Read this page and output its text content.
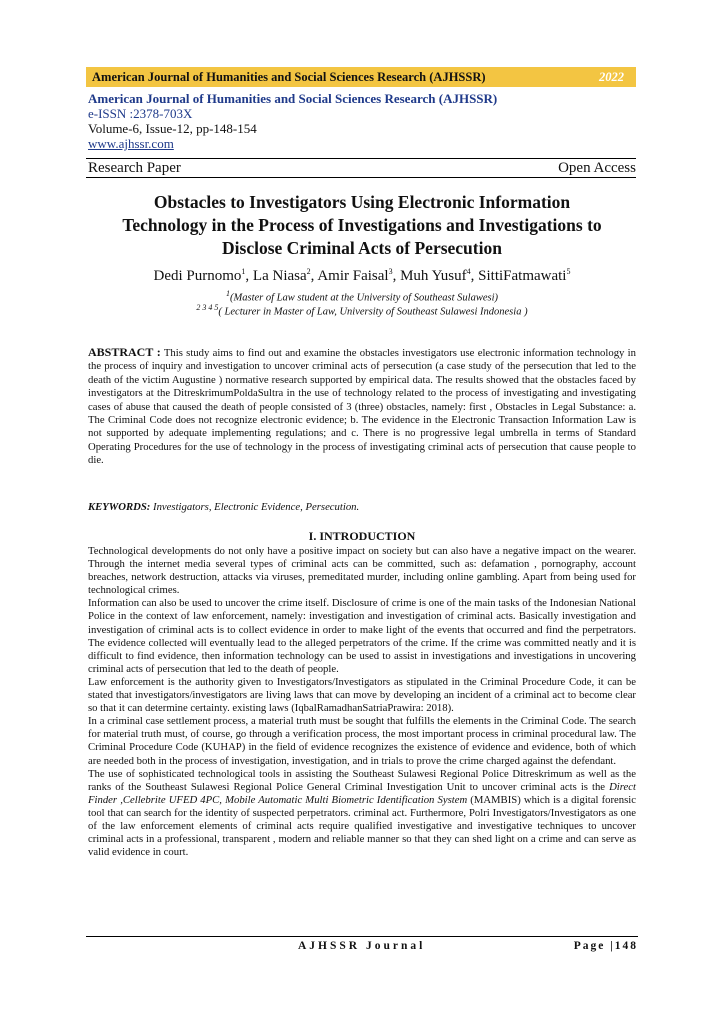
American Journal of Humanities and Social Sciences Research (AJHSSR)	2022
American Journal of Humanities and Social Sciences Research (AJHSSR)
e-ISSN :2378-703X
Volume-6, Issue-12, pp-148-154
www.ajhssr.com
Research Paper	Open Access
Obstacles to Investigators Using Electronic Information
Technology in the Process of Investigations and Investigations to
Disclose Criminal Acts of Persecution
Dedi Purnomo$^1$, La Niasa$^2$, Amir Faisal$^3$, Muh Yusuf$^4$, SittiFatmawati$^5$
$^1$(Master of Law student at the University of Southeast Sulawesi)
$^{2 3 4 5}$( Lecturer in Master of Law, University of Southeast Sulawesi Indonesia )

ABSTRACT : This study aims to find out and examine the obstacles investigators use electronic information technology in the process of inquiry and investigation to uncover criminal acts of persecution (a case study of the persecution that led to the death of the victim Augustine ) normative research supported by empirical data. The results showed that the obstacles faced by investigators at the DitreskrimumPoldaSultra in the use of technology related to the process of investigating and investigating cases of abuse that caused the death of people consisted of 3 (three) obstacles, namely: first , Obstacles in Legal Substance: a. The Criminal Code does not recognize electronic evidence; b. The evidence in the Electronic Transaction Information Law is not supported by adequate implementing regulations; and c. There is no progressive legal umbrella in terms of Standard Operating Procedures for the use of technology in the process of investigating criminal acts of persecution that cause people to die.

KEYWORDS: Investigators, Electronic Evidence, Persecution.

I. INTRODUCTION

Technological developments do not only have a positive impact on society but can also have a negative impact on the wearer. Through the internet media several types of criminal acts can be committed, such as: defamation , pornography, account breaches, network destruction, attacks via viruses, premeditated murder, including online gambling. Apart from being used for technological crimes.

Information can also be used to uncover the crime itself. Disclosure of crime is one of the main tasks of the Indonesian National Police in the context of law enforcement, namely: investigation and investigation of criminal acts. Basically investigation and investigation of criminal acts is to collect evidence in order to make light of the events that occurred and find the perpetrators. The evidence collected will eventually lead to the alleged perpetrators of the crime. If the crime was committed neatly and it is difficult to find evidence, then information technology can be used to assist in investigations and investigations in uncovering criminal acts of persecution that led to the death of people.

Law enforcement is the authority given to Investigators/Investigators as stipulated in the Criminal Procedure Code, it can be stated that investigators/investigators are living laws that can move by developing an incident of a criminal act to become clear so that it can determine certainty. existing laws (IqbalRamadhanSatriaPrawira: 2018).

In a criminal case settlement process, a material truth must be sought that fulfills the elements in the Criminal Code. The search for material truth must, of course, go through a verification process, the most important process in criminal procedural law. The Criminal Procedure Code (KUHAP) in the field of evidence recognizes the existence of evidence and evidence, both of which are needed both in the process of investigation, investigation, and in trials to prove the crime charged against the defendant.

The use of sophisticated technological tools in assisting the Southeast Sulawesi Regional Police Ditreskrimum as well as the ranks of the Southeast Sulawesi Regional Police General Criminal Investigation Unit to uncover criminal acts is the Direct Finder ,Cellebrite UFED 4PC, Mobile Automatic Multi Biometric Identification System (MAMBIS) which is a digital forensic tool that can search for the identity of suspected perpetrators. criminal act. Furthermore, Polri Investigators/Investigators as one of the law enforcement elements of criminal acts require qualified investigative and investigative techniques to uncover criminal acts in a professional, transparent , modern and reliable manner so that they can shed light on a crime and can serve as valid evidence in court.

AJHSSR Journal	Page |148
